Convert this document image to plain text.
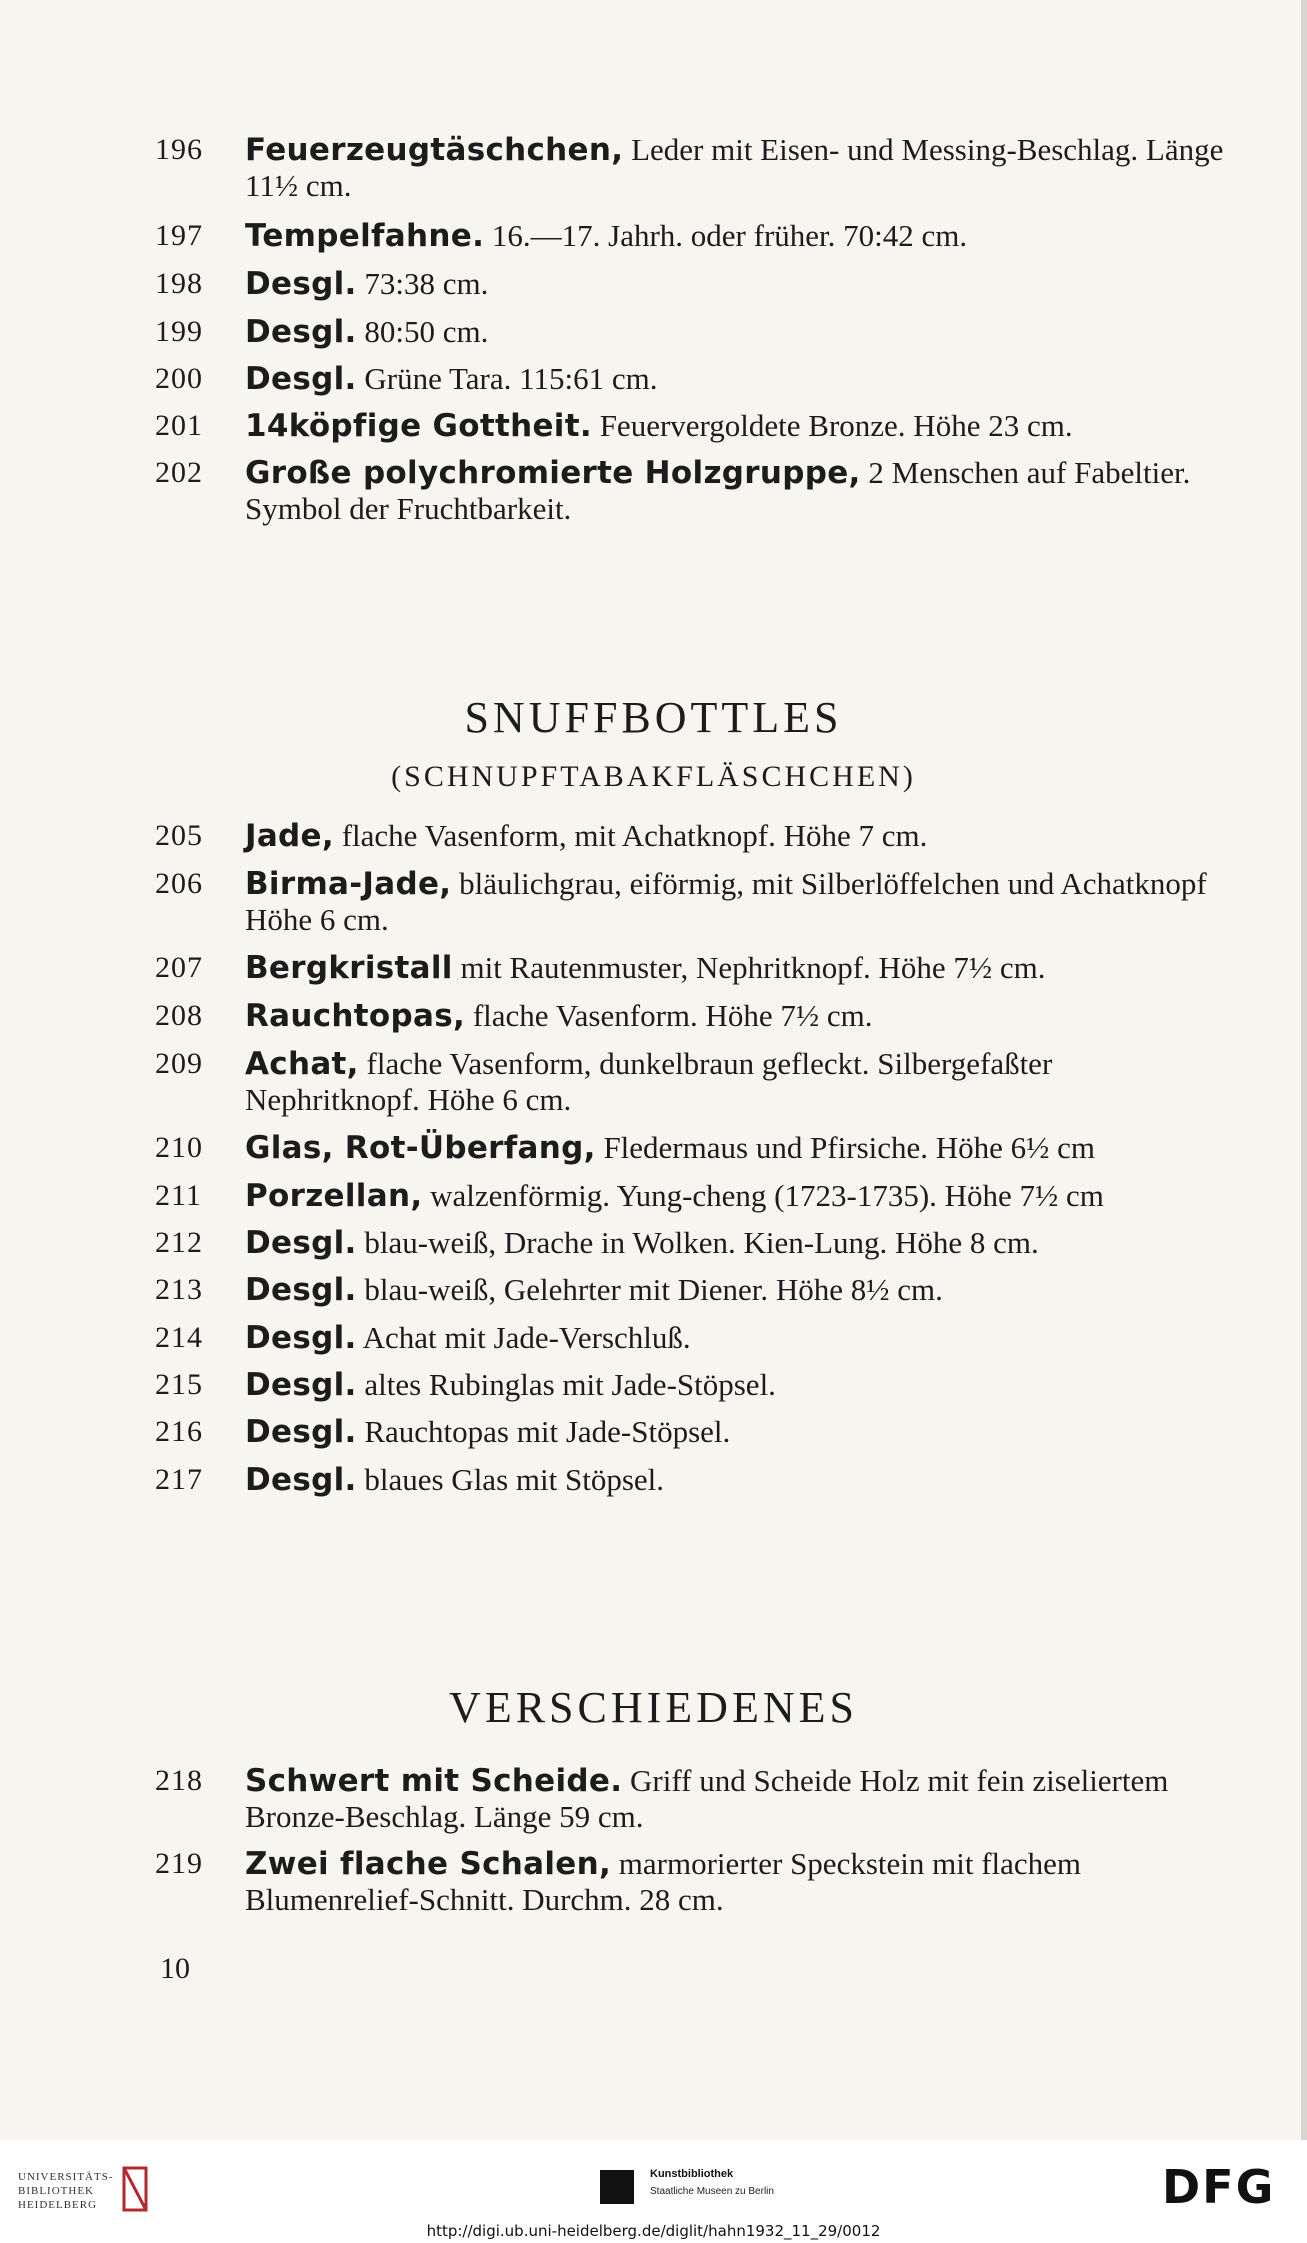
196	Feuerzeugtäschchen, Leder mit Eisen- und Messing-Beschlag. Länge 11½ cm.
197	Tempelfahne. 16.—17. Jahrh. oder früher. 70:42 cm.
198	Desgl. 73:38 cm.
199	Desgl. 80:50 cm.
200	Desgl. Grüne Tara. 115:61 cm.
201	14köpfige Gottheit. Feuervergoldete Bronze. Höhe 23 cm.
202	Große polychromierte Holzgruppe, 2 Menschen auf Fabeltier. Symbol der Fruchtbarkeit.
SNUFFBOTTLES
(SCHNUPFTABAKFLÄSCHCHEN)
205	Jade, flache Vasenform, mit Achatknopf. Höhe 7 cm.
206	Birma-Jade, bläulichgrau, eiförmig, mit Silberlöffelchen und Achatknopf Höhe 6 cm.
207	Bergkristall mit Rautenmuster, Nephritknopf. Höhe 7½ cm.
208	Rauchtopas, flache Vasenform. Höhe 7½ cm.
209	Achat, flache Vasenform, dunkelbraun gefleckt. Silbergefaßter Nephritknopf. Höhe 6 cm.
210	Glas, Rot-Überfang, Fledermaus und Pfirsiche. Höhe 6½ cm
211	Porzellan, walzenförmig. Yung-cheng (1723-1735). Höhe 7½ cm
212	Desgl. blau-weiß, Drache in Wolken. Kien-Lung. Höhe 8 cm.
213	Desgl. blau-weiß, Gelehrter mit Diener. Höhe 8½ cm.
214	Desgl. Achat mit Jade-Verschluß.
215	Desgl. altes Rubinglas mit Jade-Stöpsel.
216	Desgl. Rauchtopas mit Jade-Stöpsel.
217	Desgl. blaues Glas mit Stöpsel.
VERSCHIEDENES
218	Schwert mit Scheide. Griff und Scheide Holz mit fein ziseliertem Bronze-Beschlag. Länge 59 cm.
219	Zwei flache Schalen, marmorierter Speckstein mit flachem Blumenrelief-Schnitt. Durchm. 28 cm.
10
UNIVERSITÄTS-
BIBLIOTHEK
HEIDELBERG
Kunstbibliothek
Staatliche Museen zu Berlin	DFG
http://digi.ub.uni-heidelberg.de/diglit/hahn1932_11_29/0012
